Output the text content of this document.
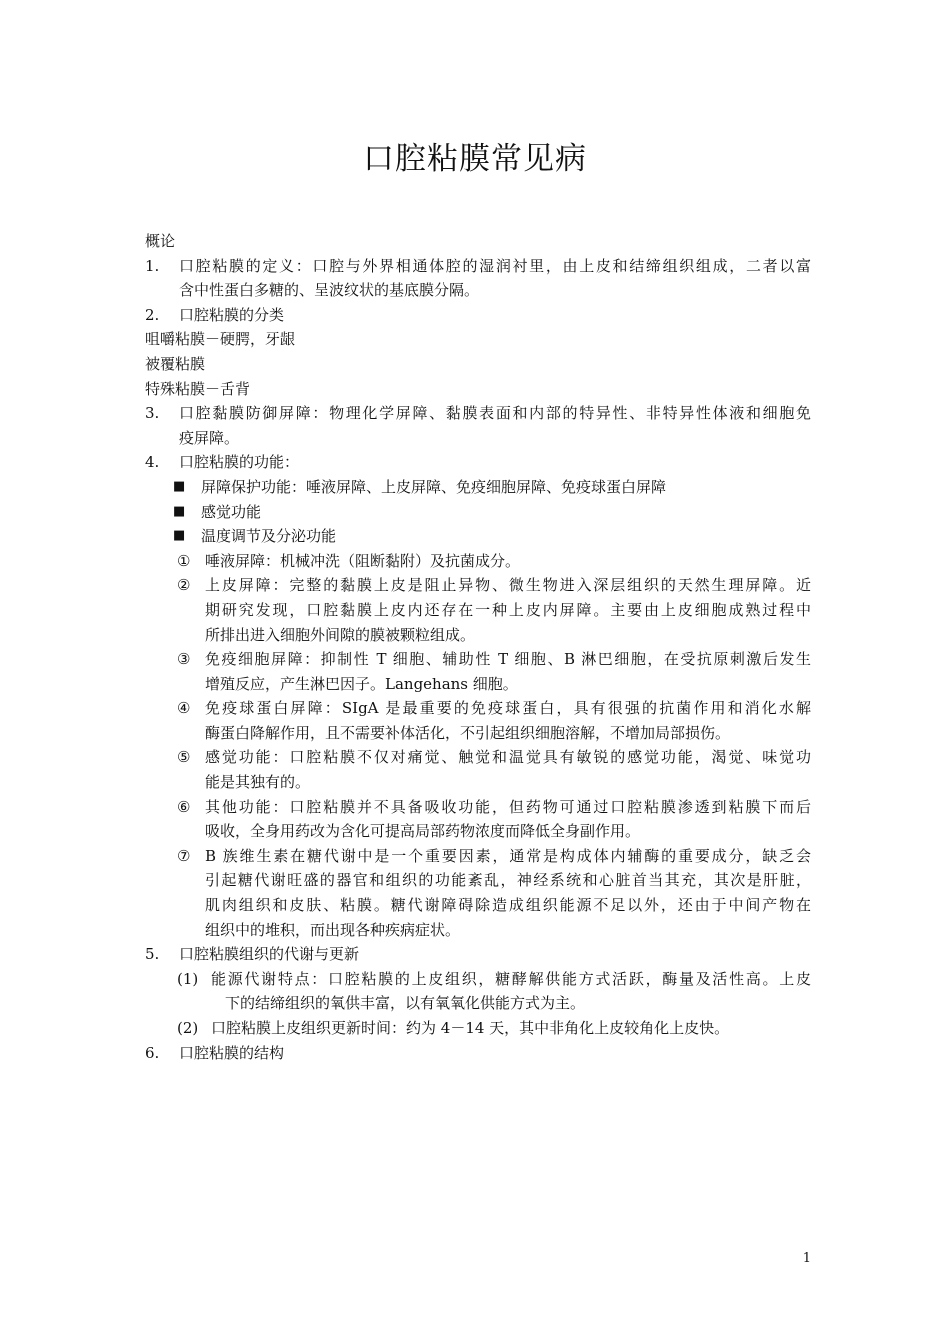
口腔粘膜常见病
概论
1.	口腔粘膜的定义：口腔与外界相通体腔的湿润衬里，由上皮和结缔组织组成，二者以富
含中性蛋白多糖的、呈波纹状的基底膜分隔。
2.	口腔粘膜的分类
咀嚼粘膜－硬腭，牙龈
被覆粘膜
特殊粘膜－舌背
3.	口腔黏膜防御屏障：物理化学屏障、黏膜表面和内部的特异性、非特异性体液和细胞免
疫屏障。
4.	口腔粘膜的功能：
■	屏障保护功能：唾液屏障、上皮屏障、免疫细胞屏障、免疫球蛋白屏障
■	感觉功能
■	温度调节及分泌功能
① 唾液屏障：机械冲洗（阻断黏附）及抗菌成分。
② 上皮屏障：完整的黏膜上皮是阻止异物、微生物进入深层组织的天然生理屏障。近
期研究发现，口腔黏膜上皮内还存在一种上皮内屏障。主要由上皮细胞成熟过程中
所排出进入细胞外间隙的膜被颗粒组成。
③ 免疫细胞屏障：抑制性 T 细胞、辅助性 T 细胞、B 淋巴细胞，在受抗原刺激后发生
增殖反应，产生淋巴因子。Langehans 细胞。
④ 免疫球蛋白屏障：SIgA 是最重要的免疫球蛋白，具有很强的抗菌作用和消化水解
酶蛋白降解作用，且不需要补体活化，不引起组织细胞溶解，不增加局部损伤。
⑤ 感觉功能：口腔粘膜不仅对痛觉、触觉和温觉具有敏锐的感觉功能，渴觉、味觉功
能是其独有的。
⑥ 其他功能：口腔粘膜并不具备吸收功能，但药物可通过口腔粘膜渗透到粘膜下而后
吸收，全身用药改为含化可提高局部药物浓度而降低全身副作用。
⑦ B 族维生素在糖代谢中是一个重要因素，通常是构成体内辅酶的重要成分，缺乏会
引起糖代谢旺盛的器官和组织的功能紊乱，神经系统和心脏首当其充，其次是肝脏，
肌肉组织和皮肤、粘膜。糖代谢障碍除造成组织能源不足以外，还由于中间产物在
组织中的堆积，而出现各种疾病症状。
5.	口腔粘膜组织的代谢与更新
(1) 能源代谢特点：口腔粘膜的上皮组织，糖酵解供能方式活跃，酶量及活性高。上皮
下的结缔组织的氧供丰富，以有氧氧化供能方式为主。
(2) 口腔粘膜上皮组织更新时间：约为 4－14 天，其中非角化上皮较角化上皮快。
6.	口腔粘膜的结构
1
